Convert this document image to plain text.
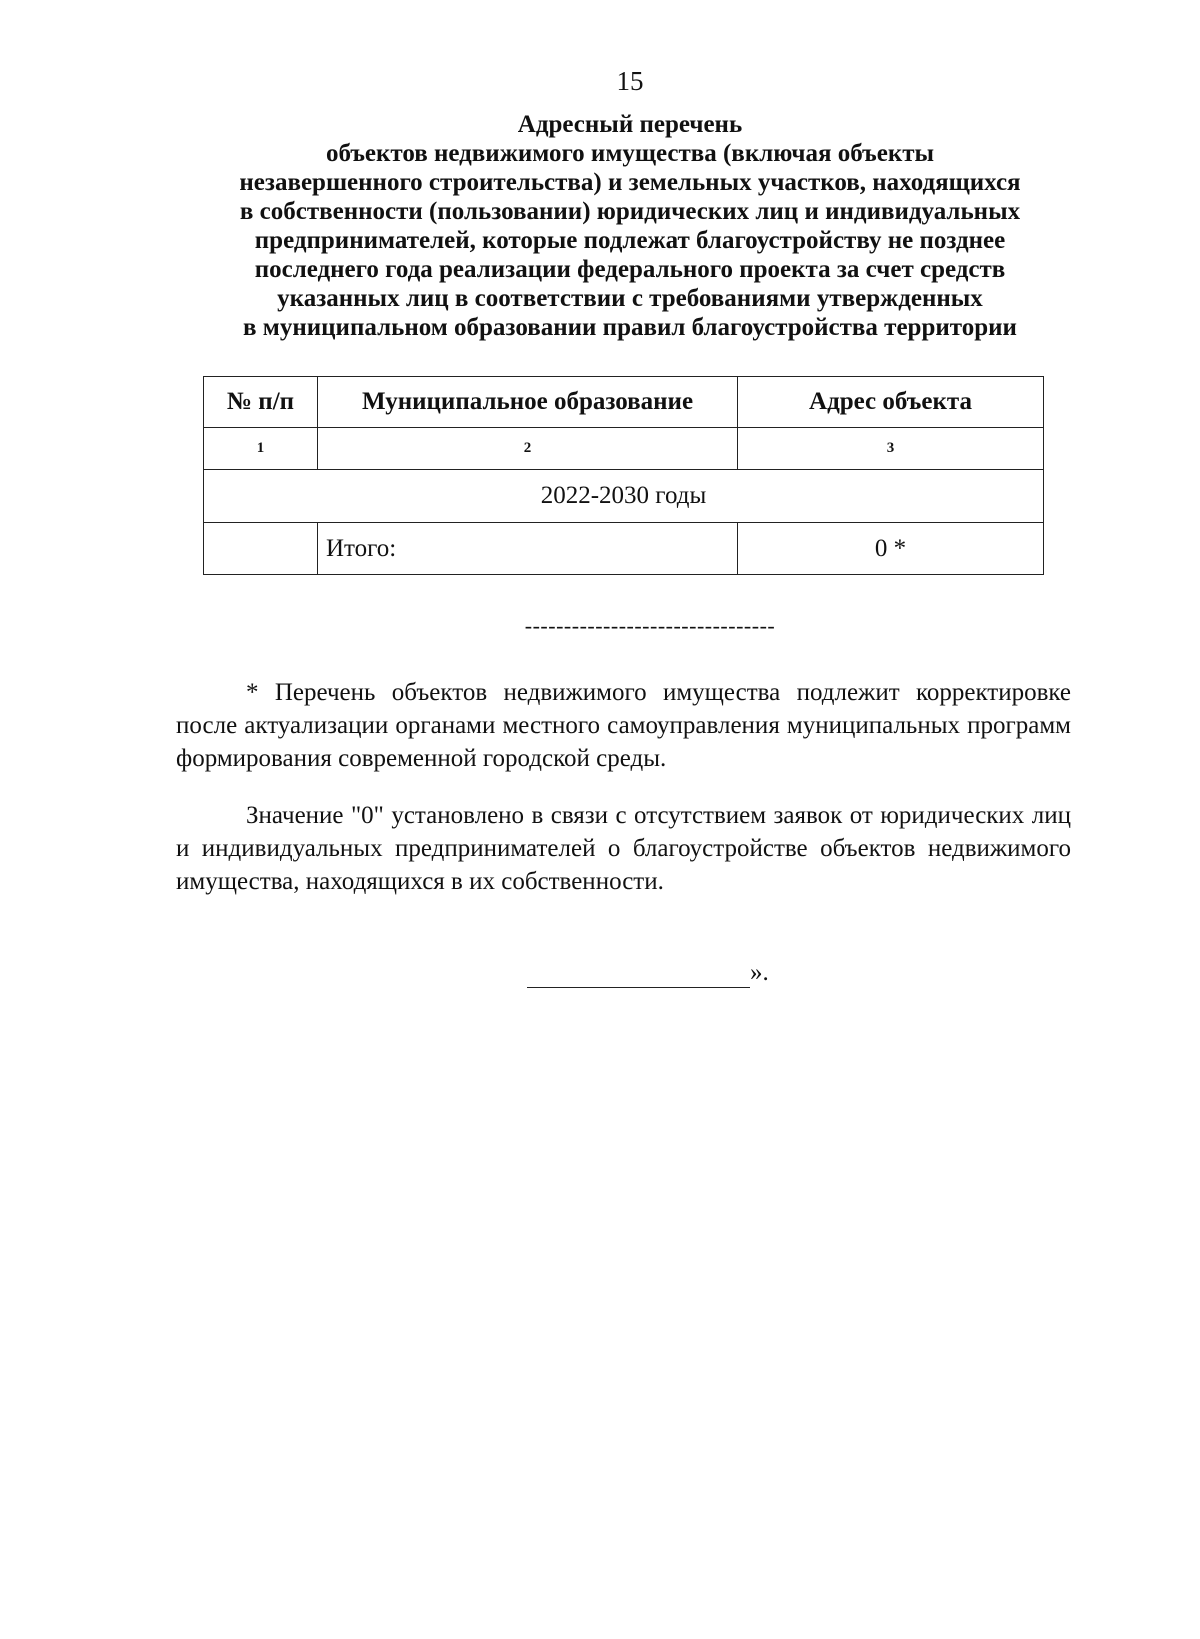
15
Адресный перечень
объектов недвижимого имущества (включая объекты
незавершенного строительства) и земельных участков, находящихся
в собственности (пользовании) юридических лиц и индивидуальных
предпринимателей, которые подлежат благоустройству не позднее
последнего года реализации федерального проекта за счет средств
указанных лиц в соответствии с требованиями утвержденных
в муниципальном образовании правил благоустройства территории
№ п/п	Муниципальное образование	Адрес объекта
1	2	3
2022-2030 годы		
	Итого:	0 *
--------------------------------
* Перечень объектов недвижимого имущества подлежит корректировке после актуализации органами местного самоуправления муниципальных программ формирования современной городской среды.
Значение "0" установлено в связи с отсутствием заявок от юридических лиц и индивидуальных предпринимателей о благоустройстве объектов недвижимого имущества, находящихся в их собственности.
».
